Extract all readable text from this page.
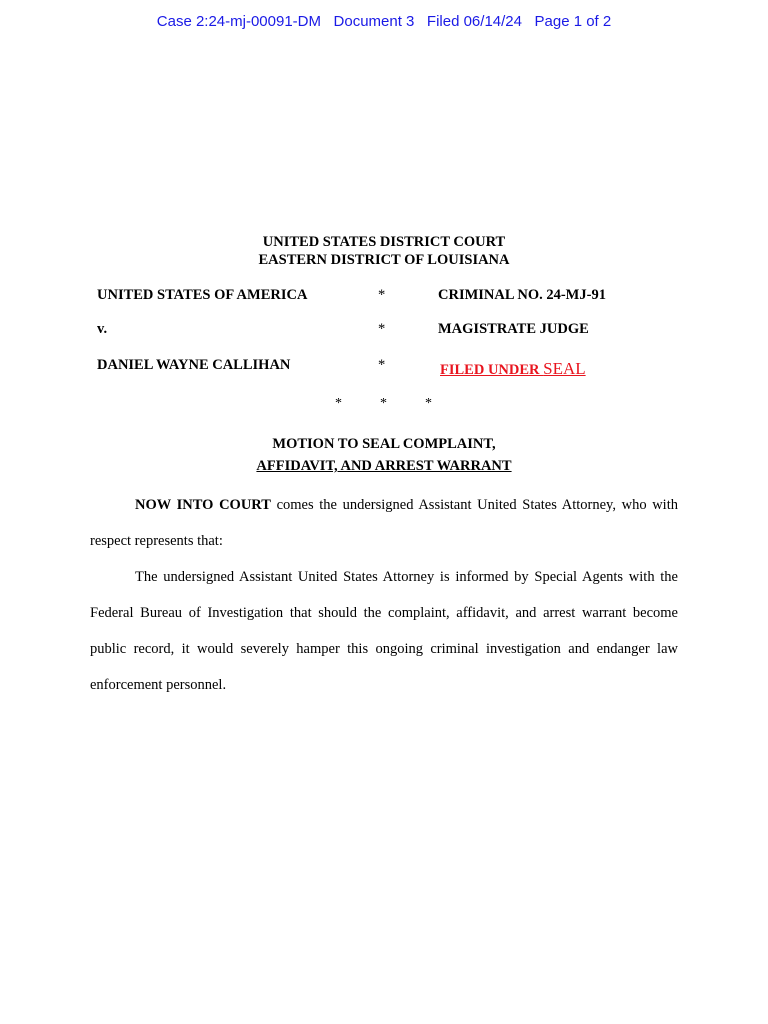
Case 2:24-mj-00091-DM Document 3 Filed 06/14/24 Page 1 of 2
UNITED STATES DISTRICT COURT
EASTERN DISTRICT OF LOUISIANA
UNITED STATES OF AMERICA	*	CRIMINAL NO. 24-MJ-91
v.	*	MAGISTRATE JUDGE
DANIEL WAYNE CALLIHAN	*	FILED UNDER SEAL
*	*	*
MOTION TO SEAL COMPLAINT,
AFFIDAVIT, AND ARREST WARRANT

NOW INTO COURT comes the undersigned Assistant United States Attorney, who with respect represents that:

The undersigned Assistant United States Attorney is informed by Special Agents with the Federal Bureau of Investigation that should the complaint, affidavit, and arrest warrant become public record, it would severely hamper this ongoing criminal investigation and endanger law enforcement personnel.
